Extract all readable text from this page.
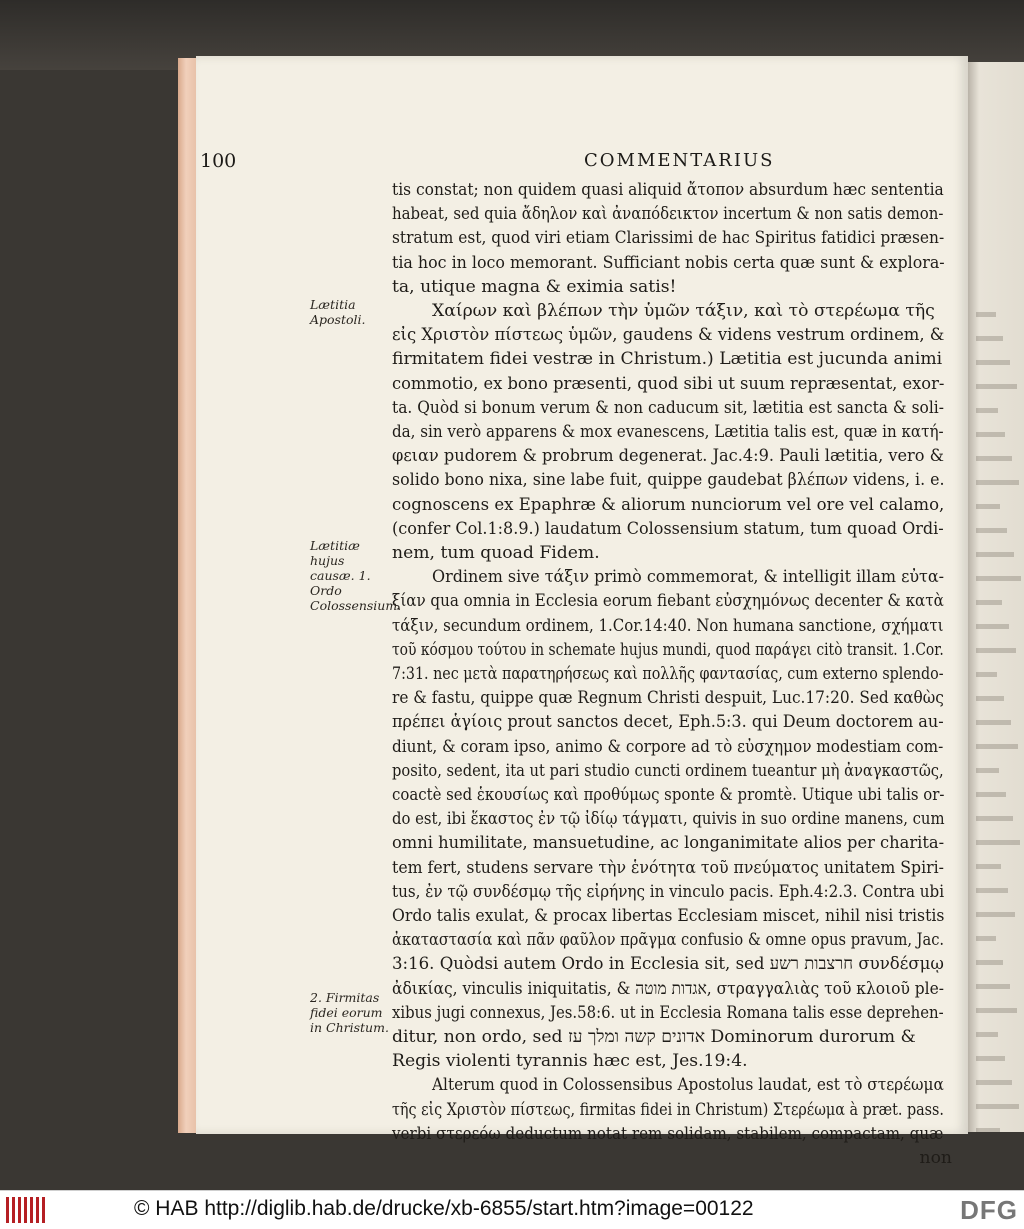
100	COMMENTARIUS
tis constat; non quidem quasi aliquid ἄτοπον absurdum hæc sententia
habeat, sed quia ἄδηλον καὶ ἀναπόδεικτον incertum & non satis demon-
stratum est, quod viri etiam Clarissimi de hac Spiritus fatidici præsen-
tia hoc in loco memorant. Sufficiant nobis certa quæ sunt & explora-
ta, utique magna & eximia satis!
Χαίρων καὶ βλέπων τὴν ὑμῶν τάξιν, καὶ τὸ στερέωμα τῆς
εἰς Χριστὸν πίστεως ὑμῶν, gaudens & videns vestrum ordinem, &
firmitatem fidei vestræ in Christum.) Lætitia est jucunda animi
commotio, ex bono præsenti, quod sibi ut suum repræsentat, exor-
ta. Quòd si bonum verum & non caducum sit, lætitia est sancta & soli-
da, sin verò apparens & mox evanescens, Lætitia talis est, quæ in κατή-
φειαν pudorem & probrum degenerat. Jac.4:9. Pauli lætitia, vero &
solido bono nixa, sine labe fuit, quippe gaudebat βλέπων videns, i. e.
cognoscens ex Epaphræ & aliorum nunciorum vel ore vel calamo,
(confer Col.1:8.9.) laudatum Colossensium statum, tum quoad Ordi-
nem, tum quoad Fidem.
Ordinem sive τάξιν primò commemorat, & intelligit illam εὐτα-
ξίαν qua omnia in Ecclesia eorum fiebant εὐσχημόνως decenter & κατὰ
τάξιν, secundum ordinem, 1.Cor.14:40. Non humana sanctione, σχήματι
τοῦ κόσμου τούτου in schemate hujus mundi, quod παράγει citò transit. 1.Cor.
7:31. nec μετὰ παρατηρήσεως καὶ πολλῆς φαντασίας, cum externo splendo-
re & fastu, quippe quæ Regnum Christi despuit, Luc.17:20. Sed καθὼς
πρέπει ἁγίοις prout sanctos decet, Eph.5:3. qui Deum doctorem au-
diunt, & coram ipso, animo & corpore ad τὸ εὐσχημον modestiam com-
posito, sedent, ita ut pari studio cuncti ordinem tueantur μὴ ἀναγκαστῶς,
coactè sed ἑκουσίως καὶ προθύμως sponte & promtè. Utique ubi talis or-
do est, ibi ἕκαστος ἐν τῷ ἰδίῳ τάγματι, quivis in suo ordine manens, cum
omni humilitate, mansuetudine, ac longanimitate alios per charita-
tem fert, studens servare τὴν ἑνότητα τοῦ πνεύματος unitatem Spiri-
tus, ἐν τῷ συνδέσμῳ τῆς εἰρήνης in vinculo pacis. Eph.4:2.3. Contra ubi
Ordo talis exulat, & procax libertas Ecclesiam miscet, nihil nisi tristis
ἀκαταστασία καὶ πᾶν φαῦλον πρᾶγμα confusio & omne opus pravum, Jac.
3:16. Quòdsi autem Ordo in Ecclesia sit, sed חרצבות רשע συνδέσμῳ
ἀδικίας, vinculis iniquitatis, & אגדות מוטה, στραγγαλιὰς τοῦ κλοιοῦ ple-
xibus jugi connexus, Jes.58:6. ut in Ecclesia Romana talis esse deprehen-
ditur, non ordo, sed אדונים קשה ומלך עז Dominorum durorum &
Regis violenti tyrannis hæc est, Jes.19:4.
Alterum quod in Colossensibus Apostolus laudat, est τὸ στερέωμα
τῆς εἰς Χριστὸν πίστεως, firmitas fidei in Christum) Στερέωμα à præt. pass.
verbi στερεόω deductum notat rem solidam, stabilem, compactam, quæ
non
Lætitia Apostoli.
Lætitiæ hujus causæ. 1. Ordo Colossensium.
2. Firmitas fidei eorum in Christum.
© HAB http://diglib.hab.de/drucke/xb-6855/start.htm?image=00122	DFG
